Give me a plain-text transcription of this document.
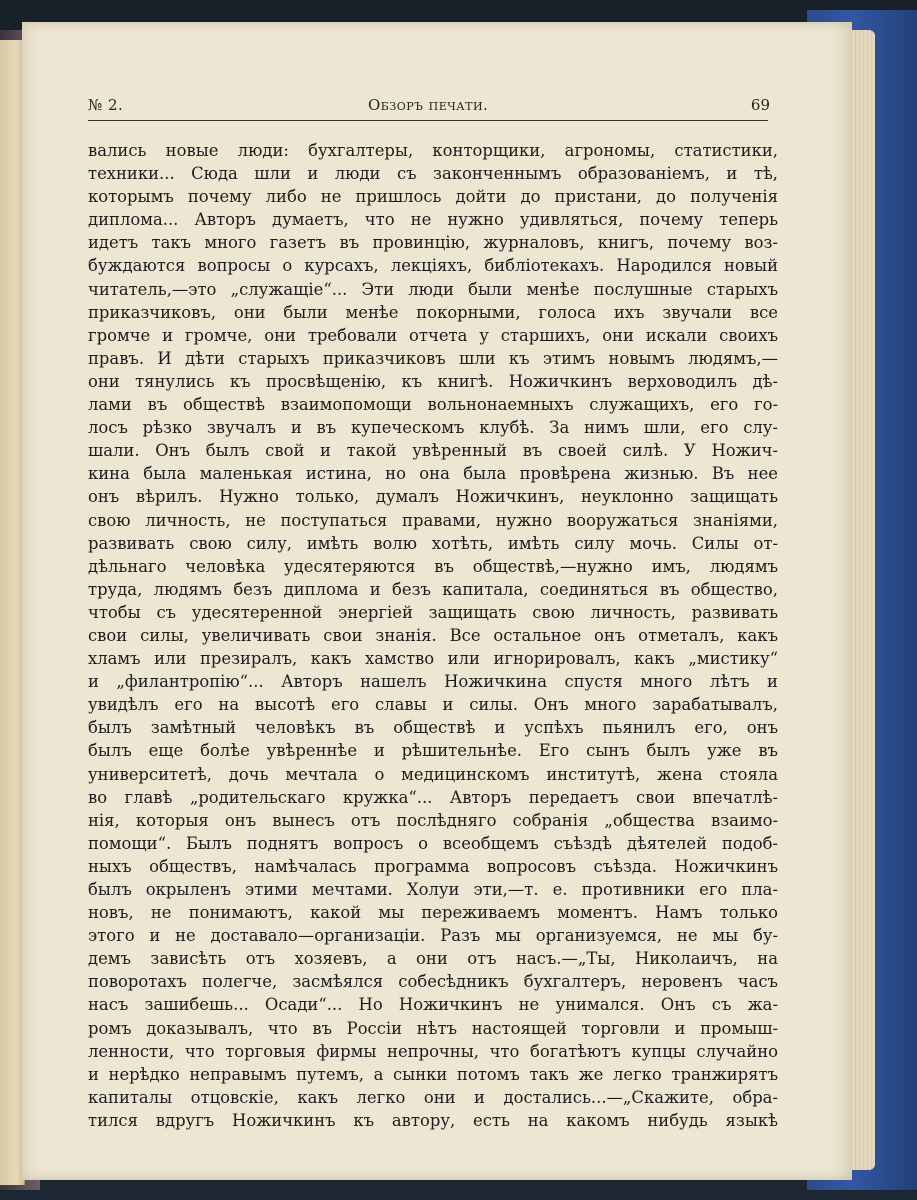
№ 2.	Обзоръ печати.	69
вались новые люди: бухгалтеры, конторщики, агрономы, статистики,
техники... Сюда шли и люди съ законченнымъ образованіемъ, и тѣ,
которымъ почему либо не пришлось дойти до пристани, до полученія
диплома... Авторъ думаетъ, что не нужно удивляться, почему теперь
идетъ такъ много газетъ въ провинцію, журналовъ, книгъ, почему воз-
буждаются вопросы о курсахъ, лекціяхъ, библіотекахъ. Народился новый
читатель,—это „служащіе“... Эти люди были менѣе послушные старыхъ
приказчиковъ, они были менѣе покорными, голоса ихъ звучали все
громче и громче, они требовали отчета у старшихъ, они искали своихъ
правъ. И дѣти старыхъ приказчиковъ шли къ этимъ новымъ людямъ,—
они тянулись къ просвѣщенію, къ книгѣ. Ножичкинъ верховодилъ дѣ-
лами въ обществѣ взаимопомощи вольнонаемныхъ служащихъ, его го-
лосъ рѣзко звучалъ и въ купеческомъ клубѣ. За нимъ шли, его слу-
шали. Онъ былъ свой и такой увѣренный въ своей силѣ. У Ножич-
кина была маленькая истина, но она была провѣрена жизнью. Въ нее
онъ вѣрилъ. Нужно только, думалъ Ножичкинъ, неуклонно защищать
свою личность, не поступаться правами, нужно вооружаться знаніями,
развивать свою силу, имѣть волю хотѣть, имѣть силу мочь. Силы от-
дѣльнаго человѣка удесятеряются въ обществѣ,—нужно имъ, людямъ
труда, людямъ безъ диплома и безъ капитала, соединяться въ общество,
чтобы съ удесятеренной энергіей защищать свою личность, развивать
свои силы, увеличивать свои знанія. Все остальное онъ отметалъ, какъ
хламъ или презиралъ, какъ хамство или игнорировалъ, какъ „мистику“
и „филантропію“... Авторъ нашелъ Ножичкина спустя много лѣтъ и
увидѣлъ его на высотѣ его славы и силы. Онъ много зарабатывалъ,
былъ замѣтный человѣкъ въ обществѣ и успѣхъ пьянилъ его, онъ
былъ еще болѣе увѣреннѣе и рѣшительнѣе. Его сынъ былъ уже въ
университетѣ, дочь мечтала о медицинскомъ институтѣ, жена стояла
во главѣ „родительскаго кружка“... Авторъ передаетъ свои впечатлѣ-
нія, которыя онъ вынесъ отъ послѣдняго собранія „общества взаимо-
помощи“. Былъ поднятъ вопросъ о всеобщемъ съѣздѣ дѣятелей подоб-
ныхъ обществъ, намѣчалась программа вопросовъ съѣзда. Ножичкинъ
былъ окрыленъ этими мечтами. Холуи эти,—т. е. противники его пла-
новъ, не понимаютъ, какой мы переживаемъ моментъ. Намъ только
этого и не доставало—организаціи. Разъ мы организуемся, не мы бу-
демъ зависѣть отъ хозяевъ, а они отъ насъ.—„Ты, Николаичъ, на
поворотахъ полегче, засмѣялся собесѣдникъ бухгалтеръ, неровенъ часъ
насъ зашибешь... Осади“... Но Ножичкинъ не унимался. Онъ съ жа-
ромъ доказывалъ, что въ Россіи нѣтъ настоящей торговли и промыш-
ленности, что торговыя фирмы непрочны, что богатѣютъ купцы случайно
и нерѣдко неправымъ путемъ, а сынки потомъ такъ же легко транжирятъ
капиталы отцовскіе, какъ легко они и достались...—„Скажите, обра-
тился вдругъ Ножичкинъ къ автору, есть на какомъ нибудь языкѣ
